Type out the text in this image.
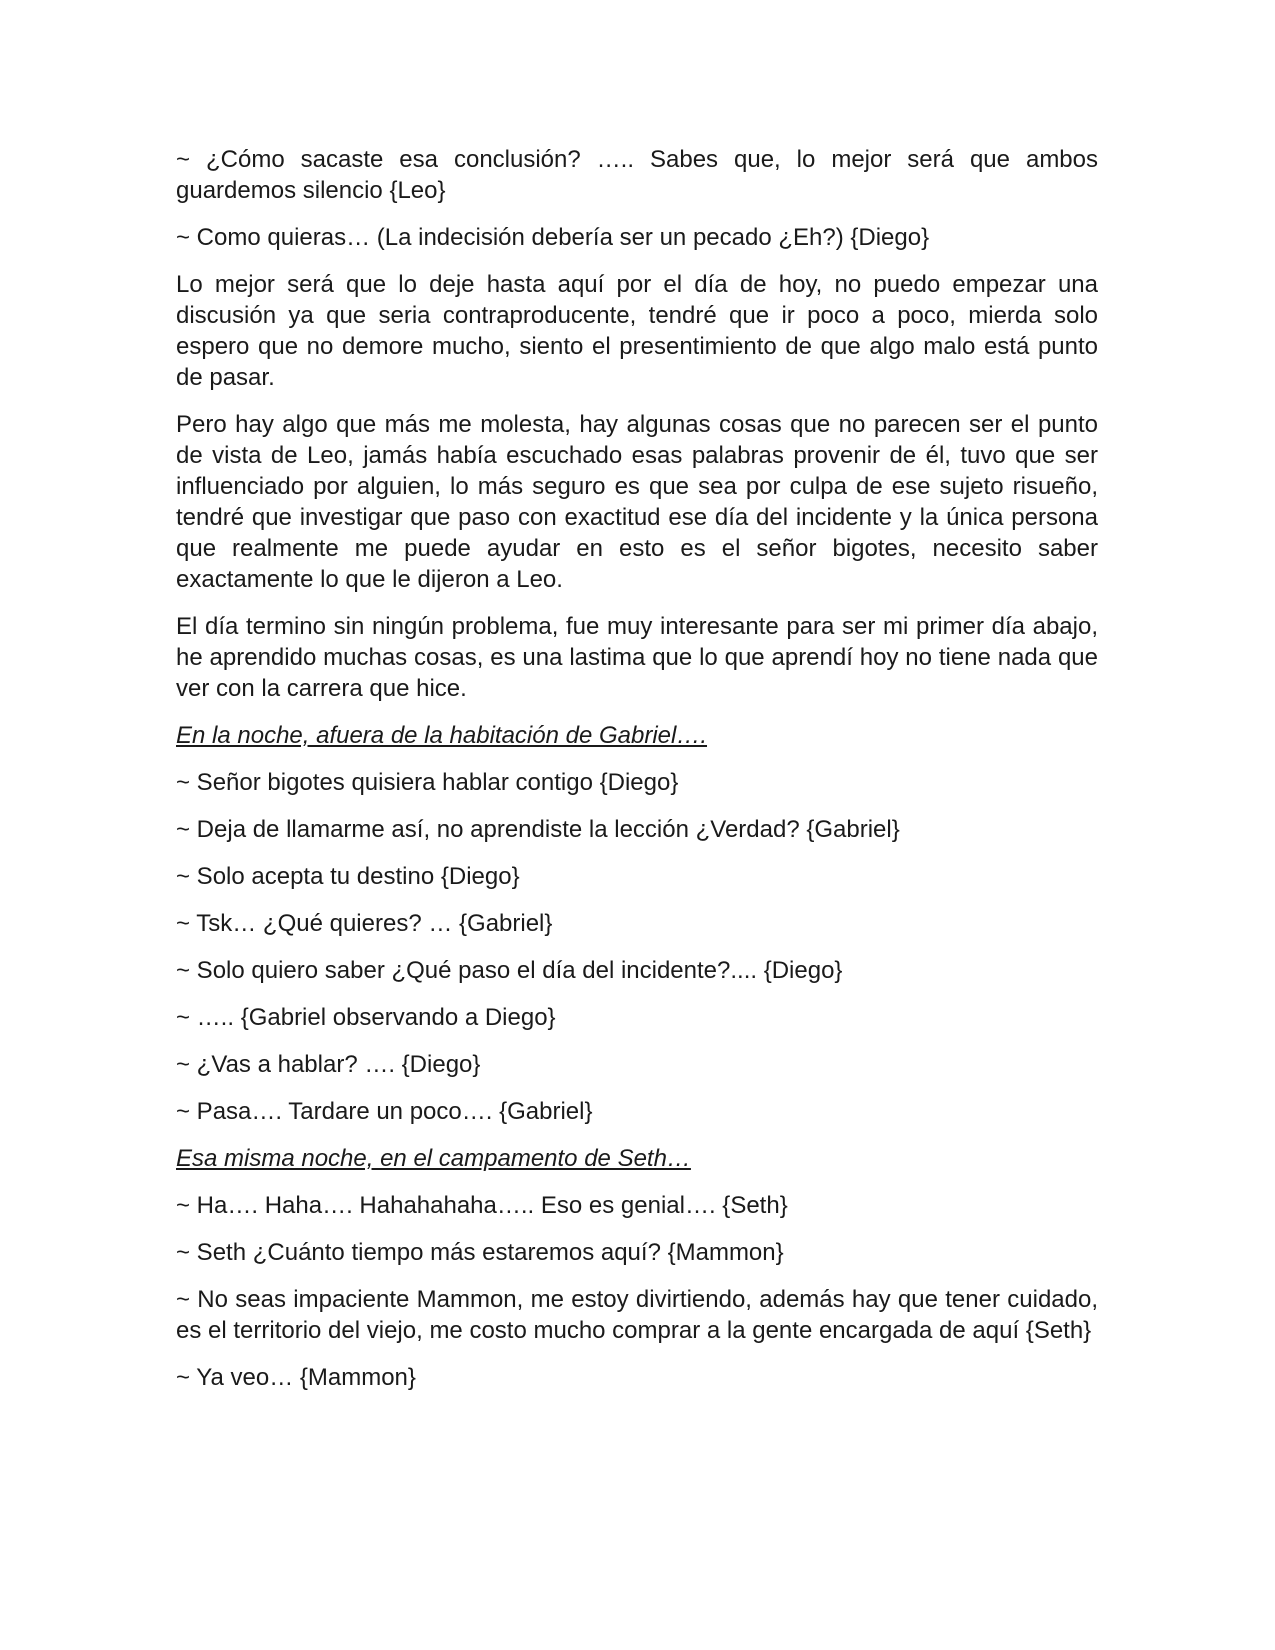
~ ¿Cómo sacaste esa conclusión? ….. Sabes que, lo mejor será que ambos guardemos silencio {Leo}

~ Como quieras… (La indecisión debería ser un pecado ¿Eh?) {Diego}

Lo mejor será que lo deje hasta aquí por el día de hoy, no puedo empezar una discusión ya que seria contraproducente, tendré que ir poco a poco, mierda solo espero que no demore mucho, siento el presentimiento de que algo malo está punto de pasar.

Pero hay algo que más me molesta, hay algunas cosas que no parecen ser el punto de vista de Leo, jamás había escuchado esas palabras provenir de él, tuvo que ser influenciado por alguien, lo más seguro es que sea por culpa de ese sujeto risueño, tendré que investigar que paso con exactitud ese día del incidente y la única persona que realmente me puede ayudar en esto es el señor bigotes, necesito saber exactamente lo que le dijeron a Leo.

El día termino sin ningún problema, fue muy interesante para ser mi primer día abajo, he aprendido muchas cosas, es una lastima que lo que aprendí hoy no tiene nada que ver con la carrera que hice.

En la noche, afuera de la habitación de Gabriel….

~ Señor bigotes quisiera hablar contigo {Diego}

~ Deja de llamarme así, no aprendiste la lección ¿Verdad? {Gabriel}

~ Solo acepta tu destino {Diego}

~ Tsk… ¿Qué quieres? … {Gabriel}

~ Solo quiero saber ¿Qué paso el día del incidente?.... {Diego}

~ ….. {Gabriel observando a Diego}

~ ¿Vas a hablar? …. {Diego}

~ Pasa…. Tardare un poco…. {Gabriel}

Esa misma noche, en el campamento de Seth…

~ Ha…. Haha…. Hahahahaha….. Eso es genial…. {Seth}

~ Seth ¿Cuánto tiempo más estaremos aquí? {Mammon}

~ No seas impaciente Mammon, me estoy divirtiendo, además hay que tener cuidado, es el territorio del viejo, me costo mucho comprar a la gente encargada de aquí {Seth}

~ Ya veo… {Mammon}
